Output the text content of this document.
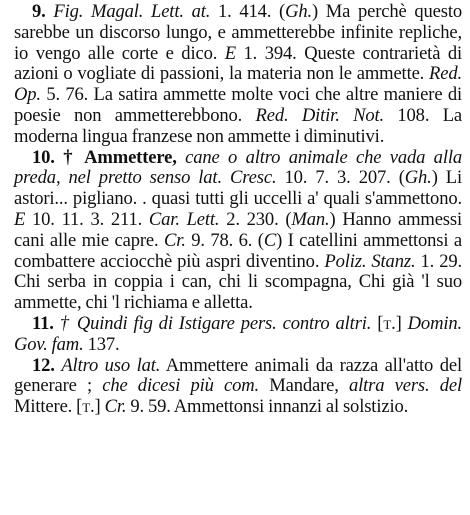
9. Fig. Magal. Lett. at. 1. 414. (Gh.) Ma perchè questo sarebbe un discorso lungo, e ammetterebbe infinite repliche, io vengo alle corte e dico. E 1. 394. Queste contrarietà di azioni o vogliate di passioni, la materia non le ammette. Red. Op. 5. 76. La satira ammette molte voci che altre maniere di poesie non ammetterebbono. Red. Ditir. Not. 108. La moderna lingua franzese non ammette i diminutivi.

10. † Ammettere, cane o altro animale che vada alla preda, nel pretto senso lat. Cresc. 10. 7. 3. 207. (Gh.) Li astori... pigliano. . quasi tutti gli uccelli a' quali s'ammettono. E 10. 11. 3. 211. Car. Lett. 2. 230. (Man.) Hanno ammessi cani alle mie capre. Cr. 9. 78. 6. (C) I catellini ammettonsi a combattere acciocchè più aspri diventino. Poliz. Stanz. 1. 29. Chi serba in coppia i can, chi li scompagna, Chi già 'l suo ammette, chi 'l richiama e alletta.

11. † Quindi fig di Istigare pers. contro altri. [t.] Domin. Gov. fam. 137.

12. Altro uso lat. Ammettere animali da razza all'atto del generare ; che dicesi più com. Mandare, altra vers. del Mittere. [t.] Cr. 9. 59. Ammettonsi innanzi al solstizio.
